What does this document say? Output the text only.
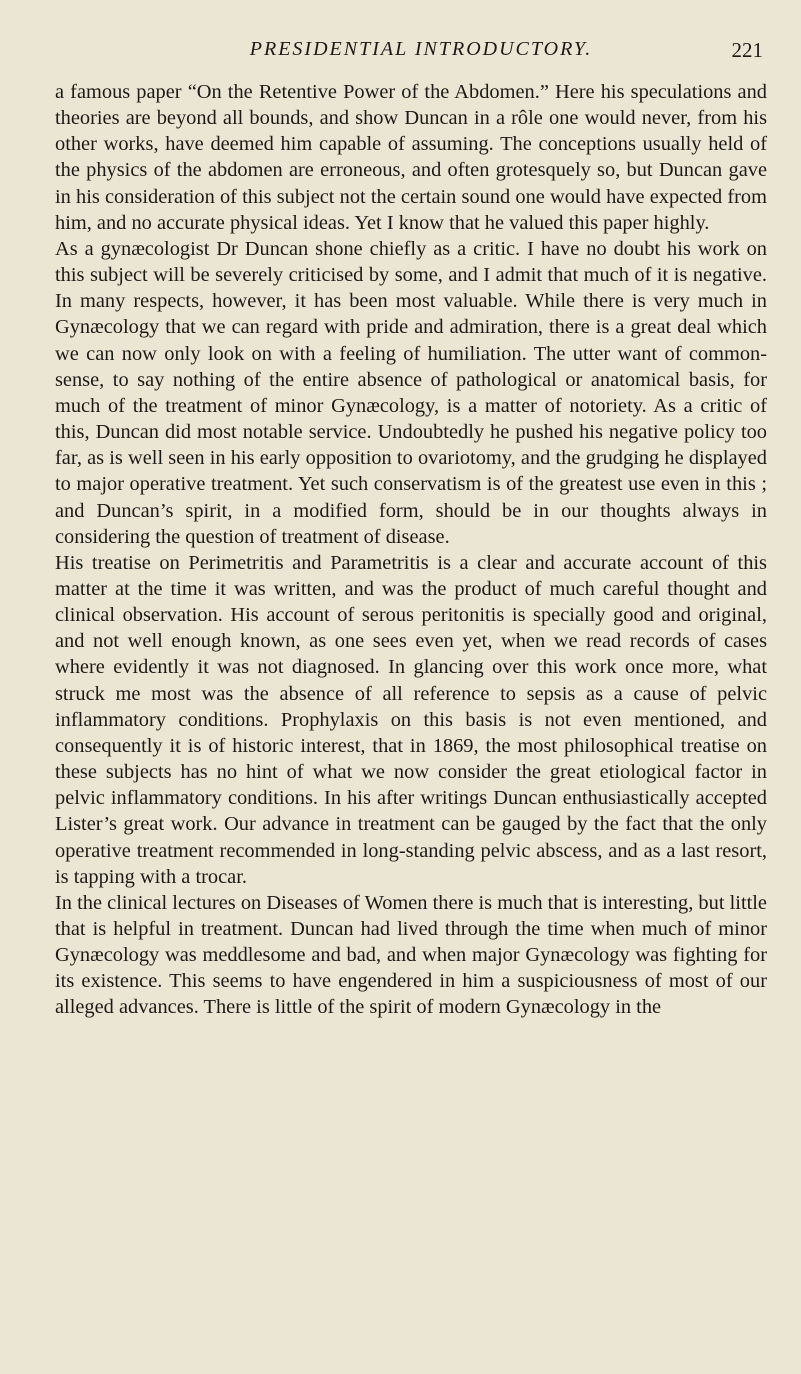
PRESIDENTIAL INTRODUCTORY.	221

a famous paper “On the Retentive Power of the Abdomen.” Here his speculations and theories are beyond all bounds, and show Duncan in a rôle one would never, from his other works, have deemed him capable of assuming. The conceptions usually held of the physics of the abdomen are erroneous, and often grotesquely so, but Duncan gave in his consideration of this subject not the certain sound one would have expected from him, and no accurate physical ideas. Yet I know that he valued this paper highly.

As a gynæcologist Dr Duncan shone chiefly as a critic. I have no doubt his work on this subject will be severely criticised by some, and I admit that much of it is negative. In many respects, however, it has been most valuable. While there is very much in Gynæcology that we can regard with pride and admiration, there is a great deal which we can now only look on with a feeling of humiliation. The utter want of common-sense, to say nothing of the entire absence of pathological or anatomical basis, for much of the treatment of minor Gynæcology, is a matter of notoriety. As a critic of this, Duncan did most notable service. Undoubtedly he pushed his negative policy too far, as is well seen in his early opposition to ovariotomy, and the grudging he displayed to major operative treatment. Yet such conservatism is of the greatest use even in this ; and Duncan’s spirit, in a modified form, should be in our thoughts always in considering the question of treatment of disease.

His treatise on Perimetritis and Parametritis is a clear and accurate account of this matter at the time it was written, and was the product of much careful thought and clinical observation. His account of serous peritonitis is specially good and original, and not well enough known, as one sees even yet, when we read records of cases where evidently it was not diagnosed. In glancing over this work once more, what struck me most was the absence of all reference to sepsis as a cause of pelvic inflammatory conditions. Prophylaxis on this basis is not even mentioned, and consequently it is of historic interest, that in 1869, the most philosophical treatise on these subjects has no hint of what we now consider the great etiological factor in pelvic inflammatory conditions. In his after writings Duncan enthusiastically accepted Lister’s great work. Our advance in treatment can be gauged by the fact that the only operative treatment recommended in long-standing pelvic abscess, and as a last resort, is tapping with a trocar.

In the clinical lectures on Diseases of Women there is much that is interesting, but little that is helpful in treatment. Duncan had lived through the time when much of minor Gynæcology was meddlesome and bad, and when major Gynæcology was fighting for its existence. This seems to have engendered in him a suspiciousness of most of our alleged advances. There is little of the spirit of modern Gynæcology in the
